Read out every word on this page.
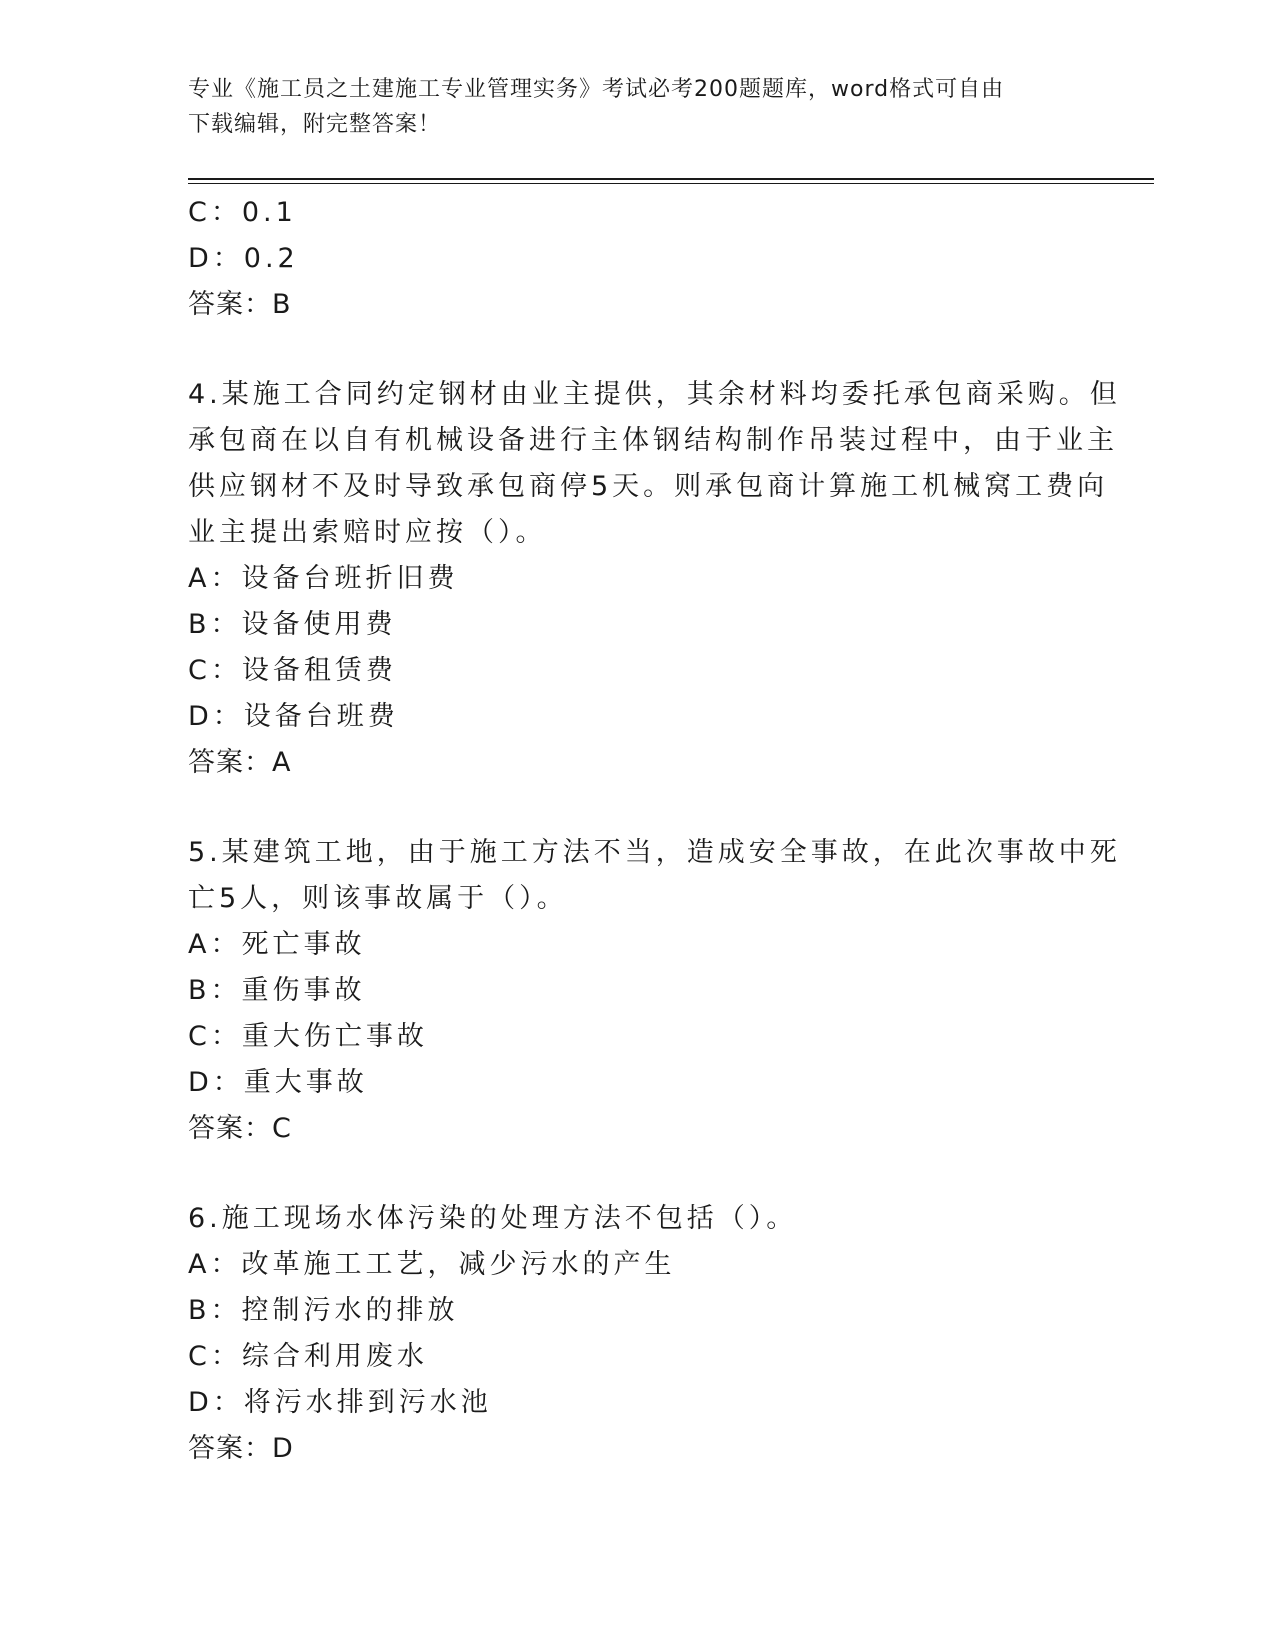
专业《施工员之土建施工专业管理实务》考试必考200题题库，word格式可自由
下载编辑，附完整答案！
C：0.1
D：0.2
答案：B
4.某施工合同约定钢材由业主提供，其余材料均委托承包商采购。但
承包商在以自有机械设备进行主体钢结构制作吊装过程中，由于业主
供应钢材不及时导致承包商停5天。则承包商计算施工机械窝工费向
业主提出索赔时应按（）。
A：设备台班折旧费
B：设备使用费
C：设备租赁费
D：设备台班费
答案：A
5.某建筑工地，由于施工方法不当，造成安全事故，在此次事故中死
亡5人，则该事故属于（）。
A：死亡事故
B：重伤事故
C：重大伤亡事故
D：重大事故
答案：C
6.施工现场水体污染的处理方法不包括（）。
A：改革施工工艺，减少污水的产生
B：控制污水的排放
C：综合利用废水
D：将污水排到污水池
答案：D
